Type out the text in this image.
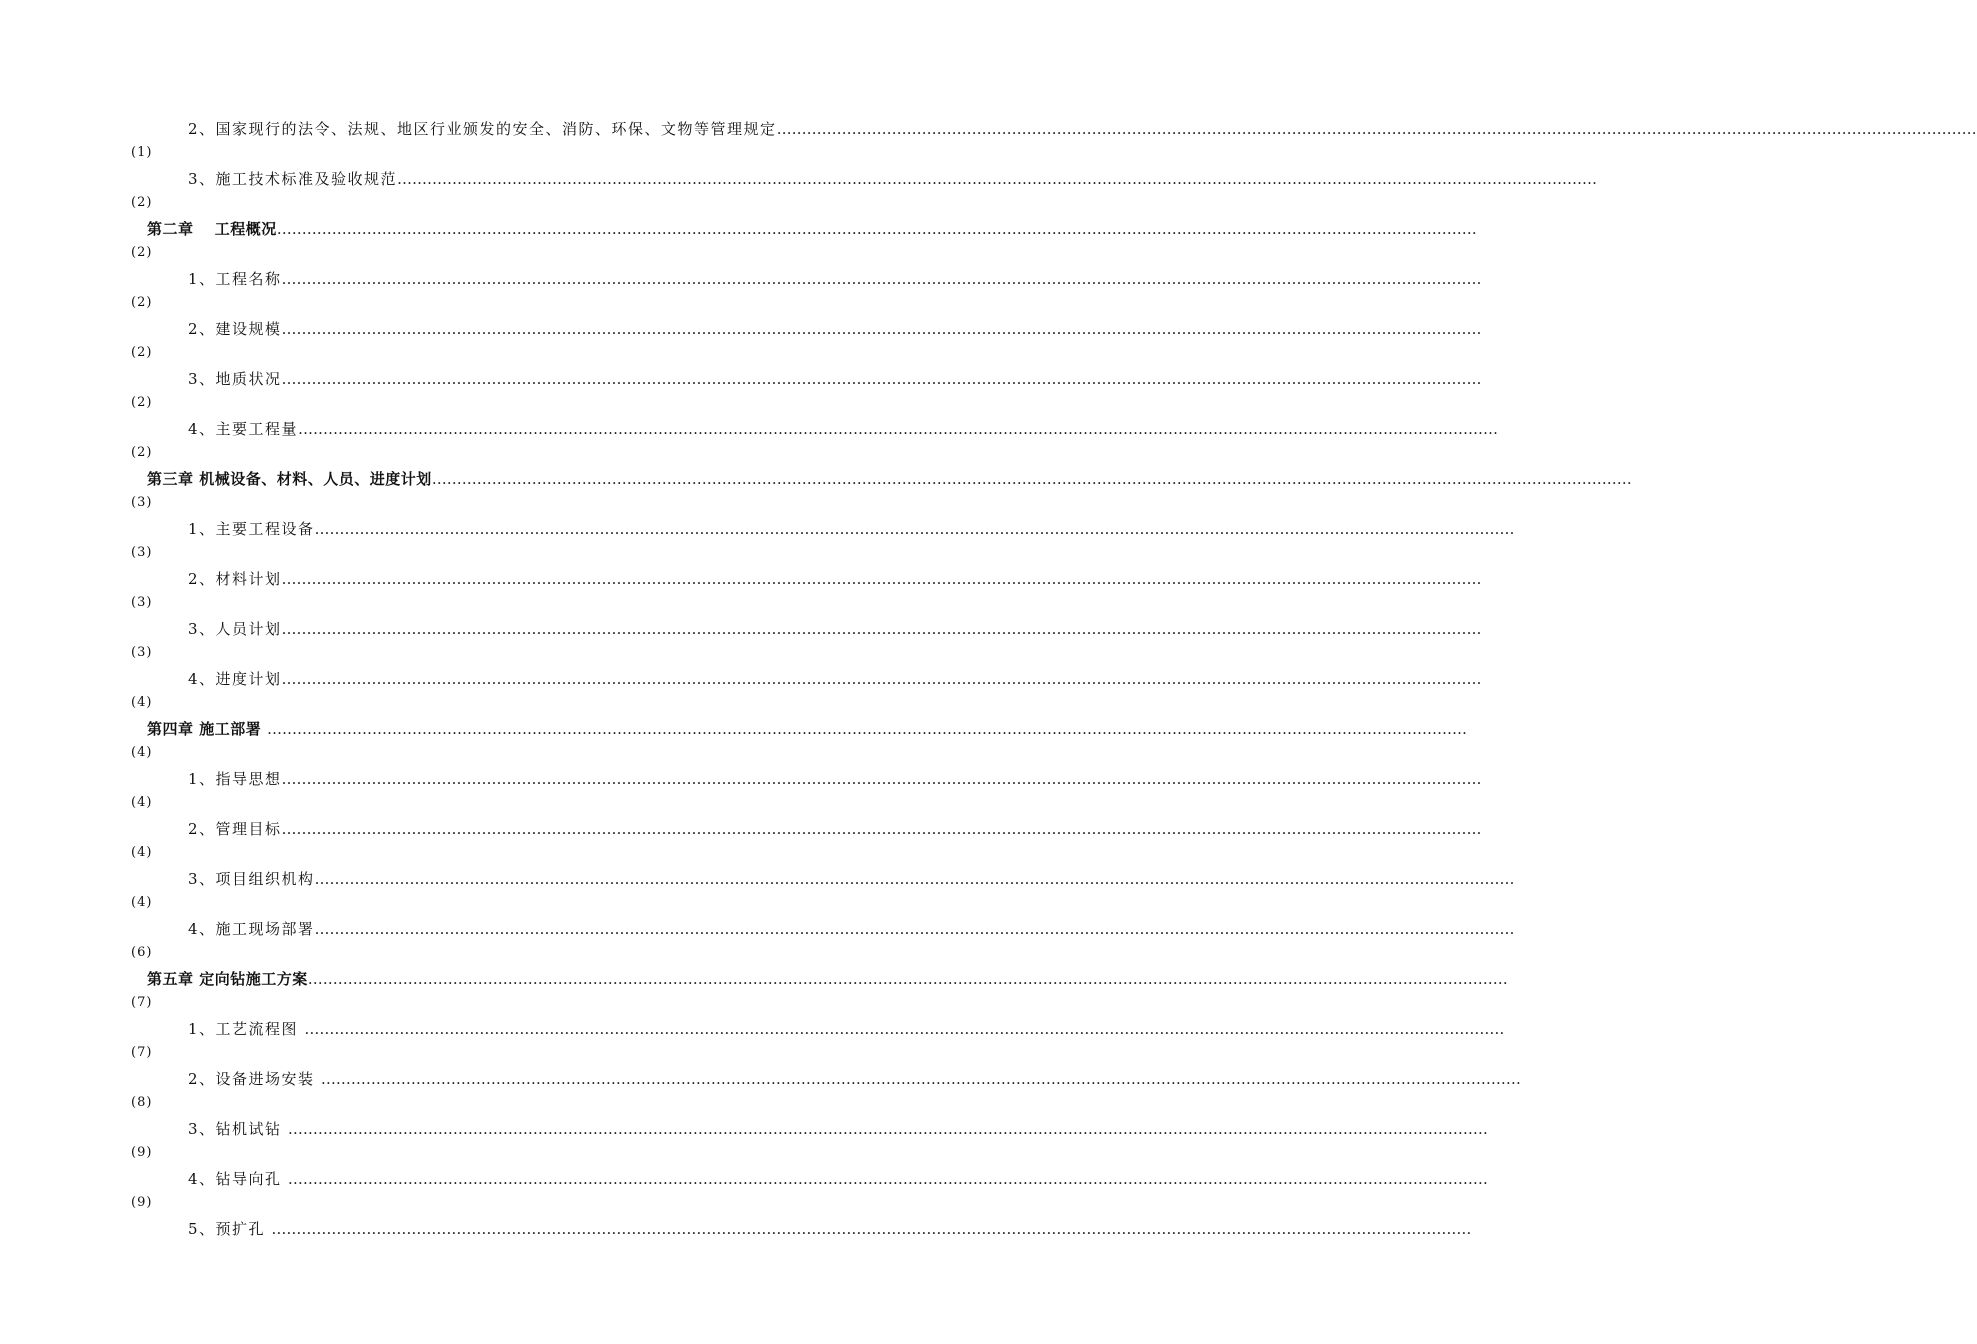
2、国家现行的法令、法规、地区行业颁发的安全、消防、环保、文物等管理规定……………………………………………………………………………………………………………………………………………………………………………………………………………………
(1)
3、施工技术标准及验收规范……………………………………………………………………………………………………………………………………………………………………………………………………………………
(2)
第二章　 工程概况……………………………………………………………………………………………………………………………………………………………………………………………………………………
(2)
1、工程名称……………………………………………………………………………………………………………………………………………………………………………………………………………………
(2)
2、建设规模……………………………………………………………………………………………………………………………………………………………………………………………………………………
(2)
3、地质状况……………………………………………………………………………………………………………………………………………………………………………………………………………………
(2)
4、主要工程量……………………………………………………………………………………………………………………………………………………………………………………………………………………
(2)
第三章 机械设备、材料、人员、进度计划……………………………………………………………………………………………………………………………………………………………………………………………………………………
(3)
1、主要工程设备……………………………………………………………………………………………………………………………………………………………………………………………………………………
(3)
2、材料计划……………………………………………………………………………………………………………………………………………………………………………………………………………………
(3)
3、人员计划……………………………………………………………………………………………………………………………………………………………………………………………………………………
(3)
4、进度计划……………………………………………………………………………………………………………………………………………………………………………………………………………………
(4)
第四章 施工部署 ……………………………………………………………………………………………………………………………………………………………………………………………………………………
(4)
1、指导思想……………………………………………………………………………………………………………………………………………………………………………………………………………………
(4)
2、管理目标……………………………………………………………………………………………………………………………………………………………………………………………………………………
(4)
3、项目组织机构……………………………………………………………………………………………………………………………………………………………………………………………………………………
(4)
4、施工现场部署……………………………………………………………………………………………………………………………………………………………………………………………………………………
(6)
第五章 定向钻施工方案……………………………………………………………………………………………………………………………………………………………………………………………………………………
(7)
1、工艺流程图 ……………………………………………………………………………………………………………………………………………………………………………………………………………………
(7)
2、设备进场安装 ……………………………………………………………………………………………………………………………………………………………………………………………………………………
(8)
3、钻机试钻 ……………………………………………………………………………………………………………………………………………………………………………………………………………………
(9)
4、钻导向孔 ……………………………………………………………………………………………………………………………………………………………………………………………………………………
(9)
5、预扩孔 ……………………………………………………………………………………………………………………………………………………………………………………………………………………
